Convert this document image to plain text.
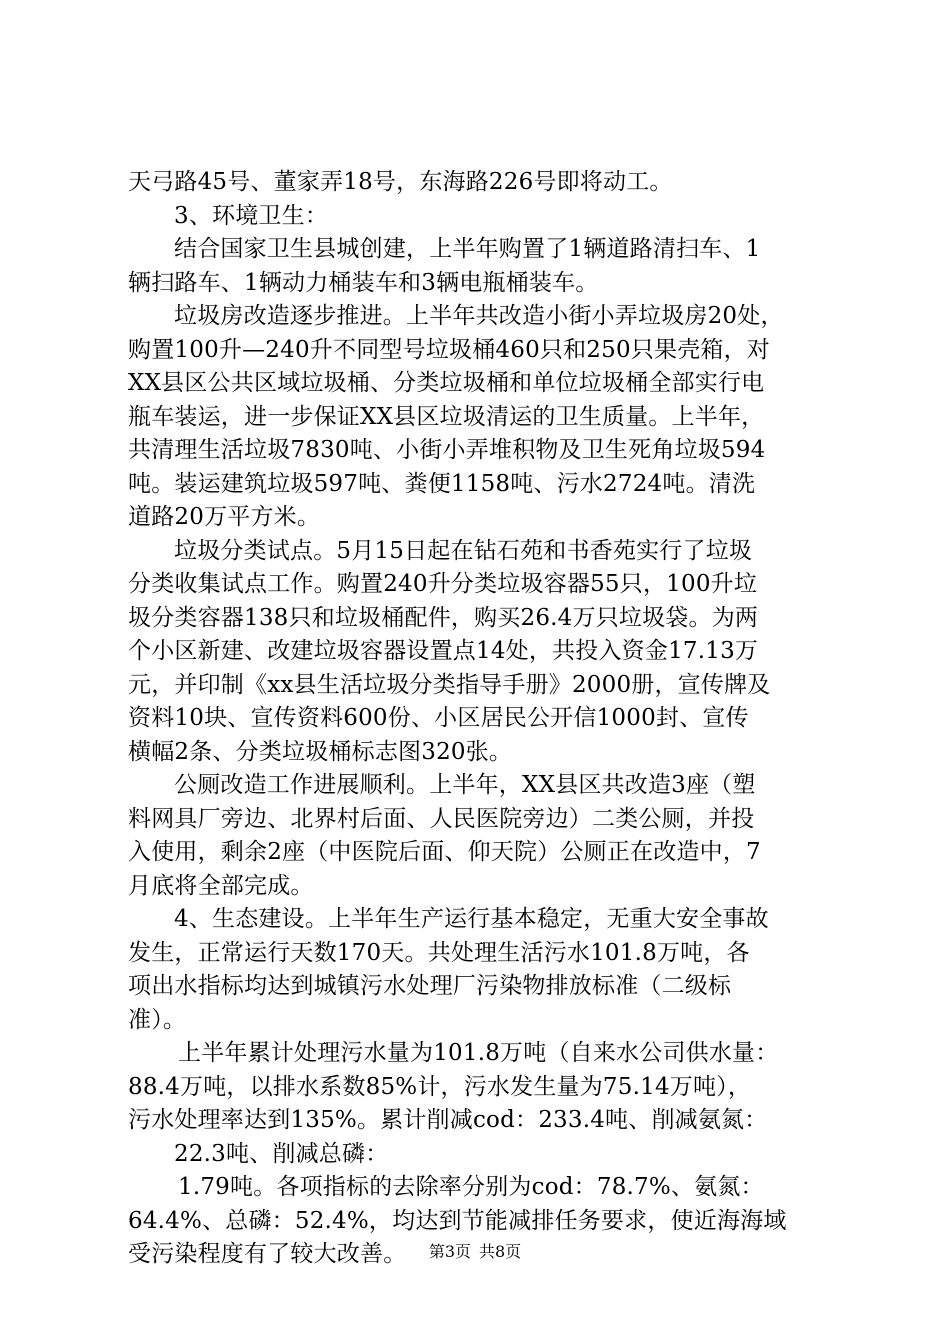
天弓路45号、董家弄18号，东海路226号即将动工。
3、环境卫生：
结合国家卫生县城创建，上半年购置了1辆道路清扫车、1
辆扫路车、1辆动力桶装车和3辆电瓶桶装车。
垃圾房改造逐步推进。上半年共改造小街小弄垃圾房20处，
购置100升—240升不同型号垃圾桶460只和250只果壳箱，对
XX县区公共区域垃圾桶、分类垃圾桶和单位垃圾桶全部实行电
瓶车装运，进一步保证XX县区垃圾清运的卫生质量。上半年，
共清理生活垃圾7830吨、小街小弄堆积物及卫生死角垃圾594
吨。装运建筑垃圾597吨、粪便1158吨、污水2724吨。清洗
道路20万平方米。
垃圾分类试点。5月15日起在钻石苑和书香苑实行了垃圾
分类收集试点工作。购置240升分类垃圾容器55只，100升垃
圾分类容器138只和垃圾桶配件，购买26.4万只垃圾袋。为两
个小区新建、改建垃圾容器设置点14处，共投入资金17.13万
元，并印制《xx县生活垃圾分类指导手册》2000册，宣传牌及
资料10块、宣传资料600份、小区居民公开信1000封、宣传
横幅2条、分类垃圾桶标志图320张。
公厕改造工作进展顺利。上半年，XX县区共改造3座（塑
料网具厂旁边、北界村后面、人民医院旁边）二类公厕，并投
入使用，剩余2座（中医院后面、仰天院）公厕正在改造中，7
月底将全部完成。
4、生态建设。上半年生产运行基本稳定，无重大安全事故
发生，正常运行天数170天。共处理生活污水101.8万吨，各
项出水指标均达到城镇污水处理厂污染物排放标准（二级标
准）。
上半年累计处理污水量为101.8万吨（自来水公司供水量：
88.4万吨，以排水系数85%计，污水发生量为75.14万吨），
污水处理率达到135%。累计削减cod：233.4吨、削减氨氮：
22.3吨、削减总磷：
1.79吨。各项指标的去除率分别为cod：78.7%、氨氮：
64.4%、总磷：52.4%，均达到节能减排任务要求，使近海海域
受污染程度有了较大改善。	第3页 共8页
